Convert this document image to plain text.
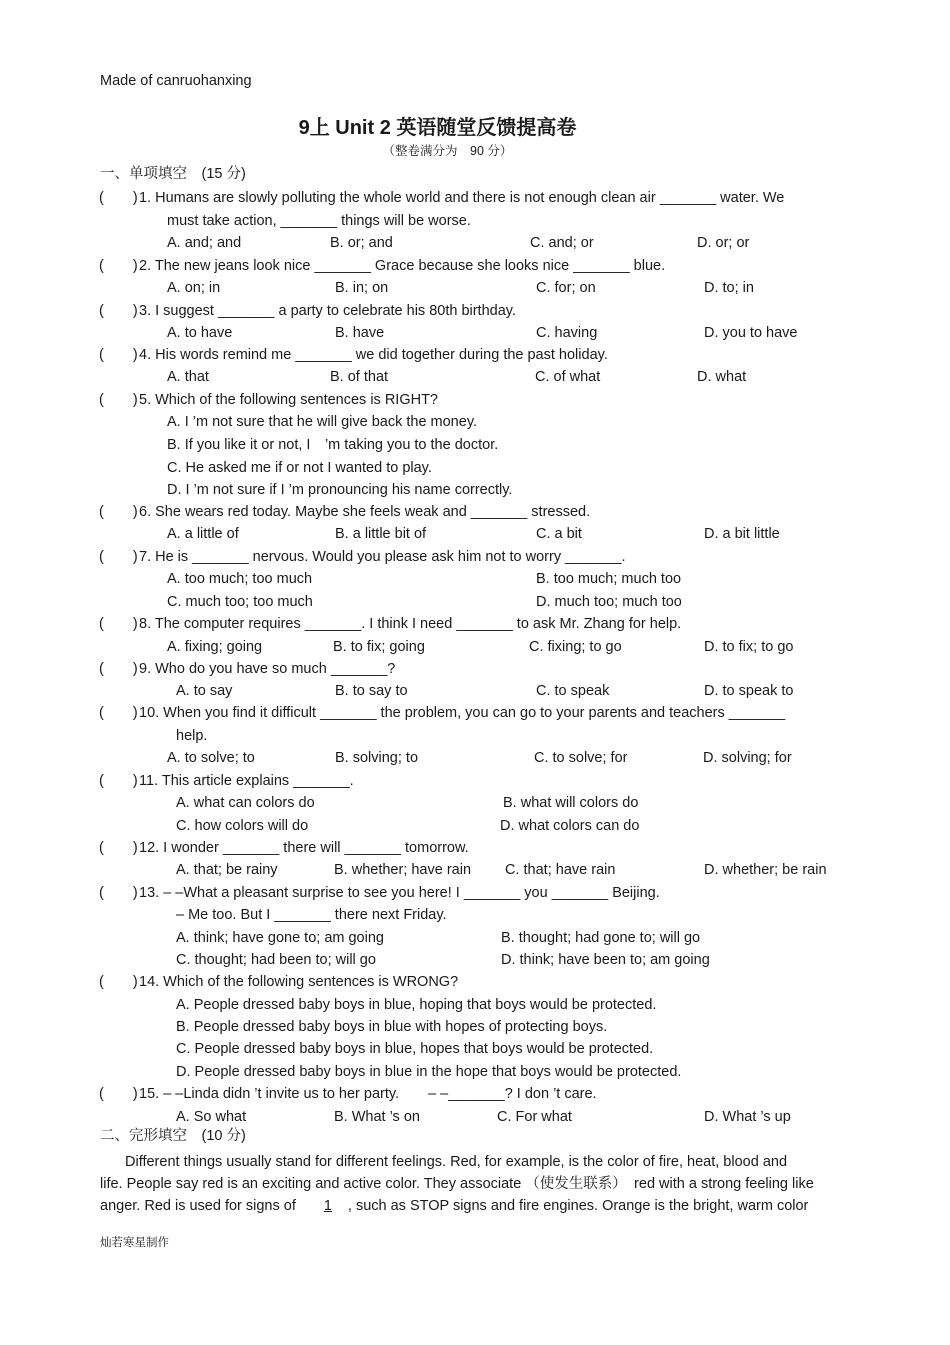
Made of canruohanxing
9上 Unit 2 英语随堂反馈提高卷
（整卷满分为　90 分）
一、单项填空　(15 分)
(　　) 1. Humans are slowly polluting the whole world and there is not enough clean air _______ water. We
must take action, _______ things will be worse.
A. and; and	B. or; and	C. and; or	D. or; or
(　　) 2. The new jeans look nice _______ Grace because she looks nice _______ blue.
A. on; in	B. in; on	C. for; on	D. to; in
(　　) 3. I suggest _______ a party to celebrate his 80th birthday.
A. to have	B. have	C. having	D. you to have
(　　) 4. His words remind me _______ we did together during the past holiday.
A. that	B. of that	C. of what	D. what
(　　) 5. Which of the following sentences is RIGHT?
A. I ’m not sure that he will give back the money.
B. If you like it or not, I　’m taking you to the doctor.
C. He asked me if or not I wanted to play.
D. I ’m not sure if I ’m pronouncing his name correctly.
(　　) 6. She wears red today. Maybe she feels weak and _______ stressed.
A. a little of	B. a little bit of	C. a bit	D. a bit little
(　　) 7. He is _______ nervous. Would you please ask him not to worry _______.
A. too much; too much	B. too much; much too
C. much too; too much	D. much too; much too
(　　) 8. The computer requires _______. I think I need _______ to ask Mr. Zhang for help.
A. fixing; going	B. to fix; going	C. fixing; to go	D. to fix; to go
(　　) 9. Who do you have so much _______?
A. to say	B. to say to	C. to speak	D. to speak to
(　　) 10. When you find it difficult _______ the problem, you can go to your parents and teachers _______
help.
A. to solve; to	B. solving; to	C. to solve; for	D. solving; for
(　　) 11. This article explains _______.
A. what can colors do	B. what will colors do
C. how colors will do	D. what colors can do
(　　) 12. I wonder _______ there will _______ tomorrow.
A. that; be rainy	B. whether; have rain C. that; have rain	D. whether; be rain
(　　) 13. – –What a pleasant surprise to see you here! I _______ you _______ Beijing.
– Me too. But I _______ there next Friday.
A. think; have gone to; am going	B. thought; had gone to; will go
C. thought; had been to; will go	D. think; have been to; am going
(　　) 14. Which of the following sentences is WRONG?
A. People dressed baby boys in blue, hoping that boys would be protected.
B. People dressed baby boys in blue with hopes of protecting boys.
C. People dressed baby boys in blue, hopes that boys would be protected.
D. People dressed baby boys in blue in the hope that boys would be protected.
(　　) 15. – –Linda didn ’t invite us to her party.　　– –_______? I don ’t care.
A. So what	B. What ’s on	C. For what	D. What ’s up
二、完形填空　(10 分)
Different things usually stand for different feelings. Red, for example, is the color of fire, heat, blood and
life. People say red is an exciting and active color. They associate （使发生联系）　red with a strong feeling like
anger. Red is used for signs of 1 , such as STOP signs and fire engines. Orange is the bright, warm color
灿若寒星制作
